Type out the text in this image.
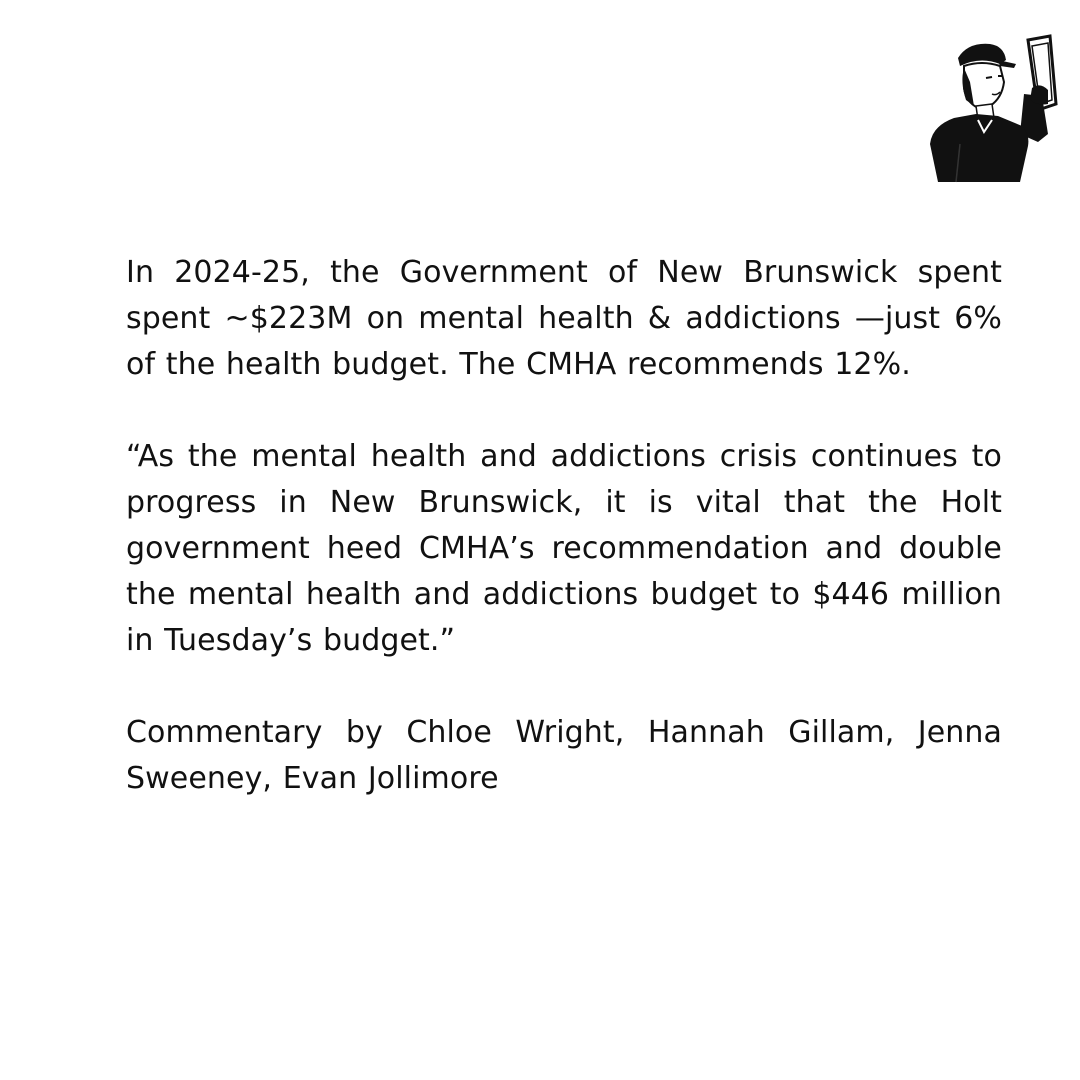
In 2024-25, the Government of New Brunswick spent spent ~$223M on mental health & addictions —just 6% of the health budget. The CMHA recommends 12%.

“As the mental health and addictions crisis continues to progress in New Brunswick, it is vital that the Holt government heed CMHA’s recommendation and double the mental health and addictions budget to $446 million in Tuesday’s budget.”

Commentary by Chloe Wright, Hannah Gillam, Jenna Sweeney, Evan Jollimore
